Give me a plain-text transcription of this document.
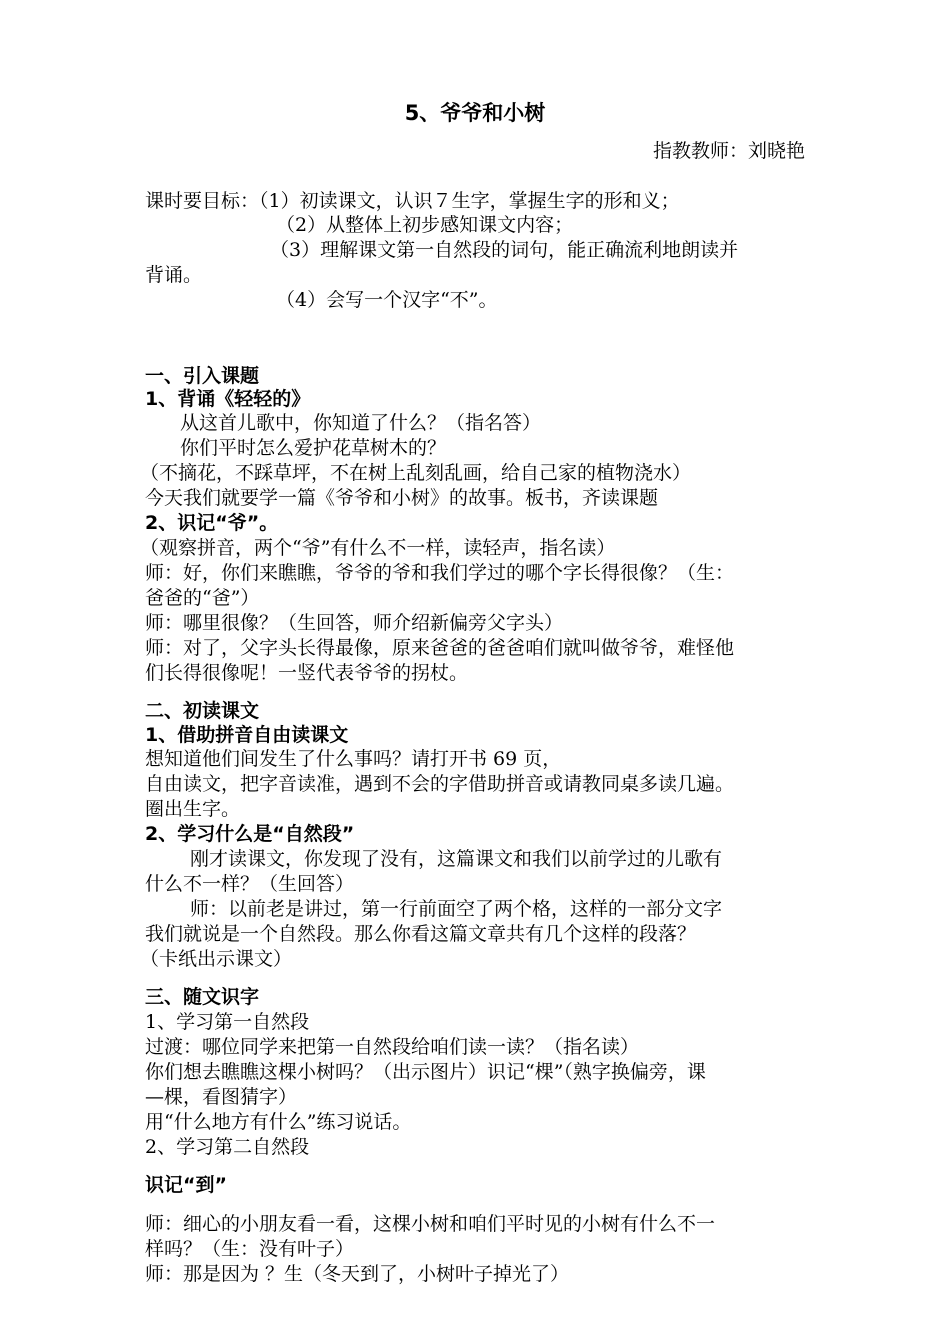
5、爷爷和小树
指教教师：刘晓艳
课时要目标：（1）初读课文，认识７生字，掌握生字的形和义；
（2）从整体上初步感知课文内容；
（3）理解课文第一自然段的词句，能正确流利地朗读并
背诵。
（4）会写一个汉字“不”。
一、引入课题
1、背诵《轻轻的》
从这首儿歌中，你知道了什么？（指名答）
你们平时怎么爱护花草树木的？
（不摘花，不踩草坪，不在树上乱刻乱画，给自己家的植物浇水）
今天我们就要学一篇《爷爷和小树》的故事。板书，齐读课题
2、识记“爷”。
（观察拼音，两个“爷”有什么不一样，读轻声，指名读）
师：好，你们来瞧瞧，爷爷的爷和我们学过的哪个字长得很像？（生：
爸爸的“爸”）
师：哪里很像？（生回答，师介绍新偏旁父字头）
师：对了，父字头长得最像，原来爸爸的爸爸咱们就叫做爷爷，难怪他
们长得很像呢！一竖代表爷爷的拐杖。
二、初读课文
1、借助拼音自由读课文
想知道他们间发生了什么事吗？请打开书 69 页，
自由读文，把字音读准，遇到不会的字借助拼音或请教同桌多读几遍。
圈出生字。
2、学习什么是“自然段”
刚才读课文，你发现了没有，这篇课文和我们以前学过的儿歌有
什么不一样？（生回答）
师：以前老是讲过，第一行前面空了两个格，这样的一部分文字
我们就说是一个自然段。那么你看这篇文章共有几个这样的段落？
（卡纸出示课文）
三、随文识字
1、学习第一自然段
过渡：哪位同学来把第一自然段给咱们读一读？（指名读）
你们想去瞧瞧这棵小树吗？（出示图片）识记“棵”（熟字换偏旁，课
—棵，看图猜字）
用“什么地方有什么”练习说话。
2、学习第二自然段
识记“到”
师：细心的小朋友看一看，这棵小树和咱们平时见的小树有什么不一
样吗？（生：没有叶子）
师：那是因为 ？生（冬天到了，小树叶子掉光了）
